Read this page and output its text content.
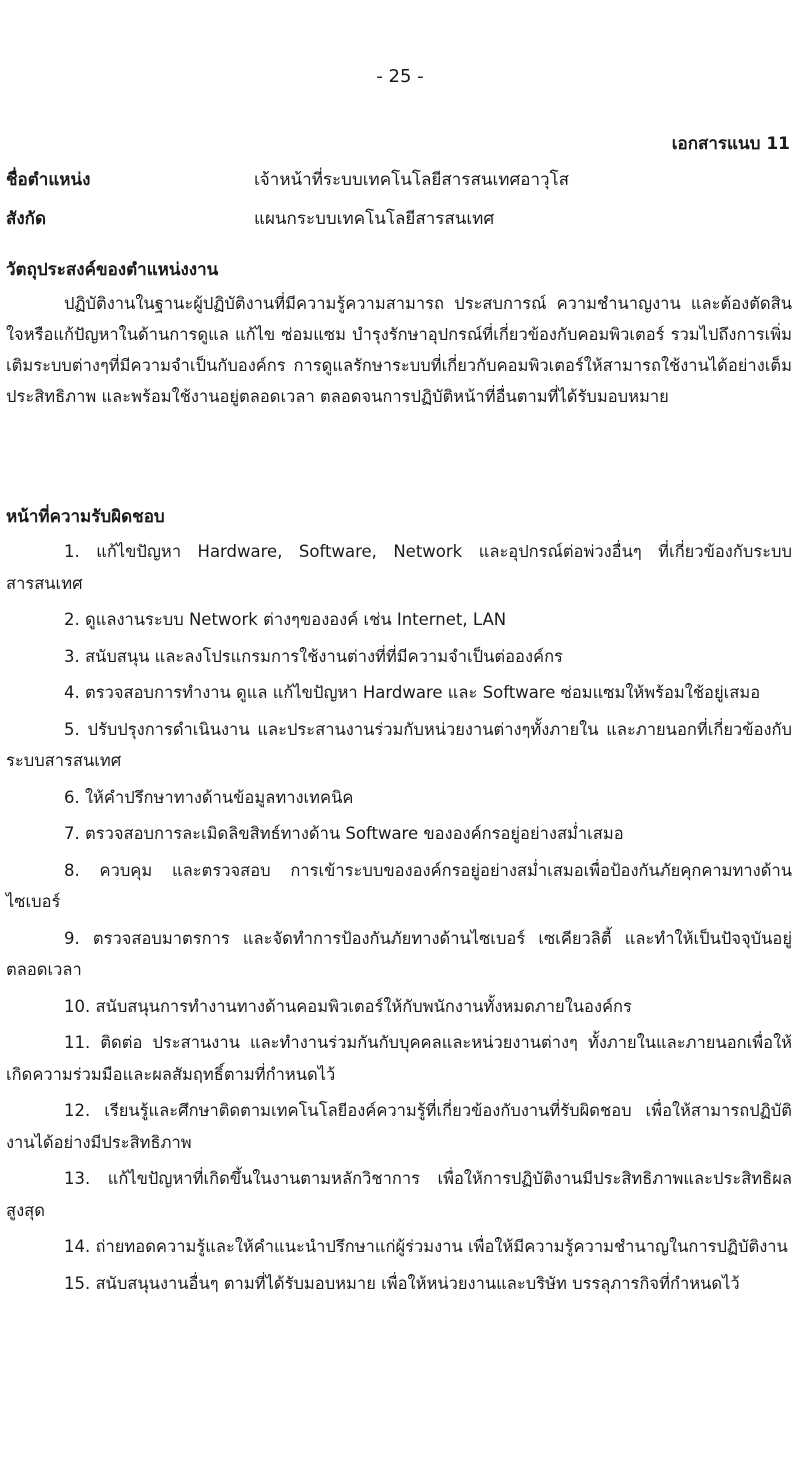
- 25 -
เอกสารแนบ 11
ชื่อตำแหน่ง	เจ้าหน้าที่ระบบเทคโนโลยีสารสนเทศอาวุโส
สังกัด	แผนกระบบเทคโนโลยีสารสนเทศ
วัตถุประสงค์ของตำแหน่งงาน
ปฏิบัติงานในฐานะผู้ปฏิบัติงานที่มีความรู้ความสามารถ ประสบการณ์ ความชำนาญงาน และต้องตัดสินใจหรือแก้ปัญหาในด้านการดูแล แก้ไข ซ่อมแซม บำรุงรักษาอุปกรณ์ที่เกี่ยวข้องกับคอมพิวเตอร์ รวมไปถึงการเพิ่มเติมระบบต่างๆที่มีความจำเป็นกับองค์กร การดูแลรักษาระบบที่เกี่ยวกับคอมพิวเตอร์ให้สามารถใช้งานได้อย่างเต็มประสิทธิภาพ และพร้อมใช้งานอยู่ตลอดเวลา ตลอดจนการปฏิบัติหน้าที่อื่นตามที่ได้รับมอบหมาย
หน้าที่ความรับผิดชอบ
1. แก้ไขปัญหา Hardware, Software, Network และอุปกรณ์ต่อพ่วงอื่นๆ ที่เกี่ยวข้องกับระบบสารสนเทศ
2. ดูแลงานระบบ Network ต่างๆขององค์ เช่น Internet, LAN
3. สนับสนุน และลงโปรแกรมการใช้งานต่างที่ที่มีความจำเป็นต่อองค์กร
4. ตรวจสอบการทำงาน ดูแล แก้ไขปัญหา Hardware และ Software ซ่อมแซมให้พร้อมใช้อยู่เสมอ
5. ปรับปรุงการดำเนินงาน และประสานงานร่วมกับหน่วยงานต่างๆทั้งภายใน และภายนอกที่เกี่ยวข้องกับระบบสารสนเทศ
6. ให้คำปรึกษาทางด้านข้อมูลทางเทคนิค
7. ตรวจสอบการละเมิดลิขสิทธ์ทางด้าน Software ขององค์กรอยู่อย่างสม่ำเสมอ
8. ควบคุม และตรวจสอบ การเข้าระบบขององค์กรอยู่อย่างสม่ำเสมอเพื่อป้องกันภัยคุกคามทางด้านไซเบอร์
9. ตรวจสอบมาตรการ และจัดทำการป้องกันภัยทางด้านไซเบอร์ เซเคียวลิตี้ และทำให้เป็นปัจจุบันอยู่ตลอดเวลา
10. สนับสนุนการทำงานทางด้านคอมพิวเตอร์ให้กับพนักงานทั้งหมดภายในองค์กร
11. ติดต่อ ประสานงาน และทำงานร่วมกันกับบุคคลและหน่วยงานต่างๆ ทั้งภายในและภายนอกเพื่อให้เกิดความร่วมมือและผลสัมฤทธิ์ตามที่กำหนดไว้
12. เรียนรู้และศึกษาติดตามเทคโนโลยีองค์ความรู้ที่เกี่ยวข้องกับงานที่รับผิดชอบ เพื่อให้สามารถปฏิบัติงานได้อย่างมีประสิทธิภาพ
13. แก้ไขปัญหาที่เกิดขึ้นในงานตามหลักวิชาการ เพื่อให้การปฏิบัติงานมีประสิทธิภาพและประสิทธิผลสูงสุด
14. ถ่ายทอดความรู้และให้คำแนะนำปรึกษาแก่ผู้ร่วมงาน เพื่อให้มีความรู้ความชำนาญในการปฏิบัติงาน
15. สนับสนุนงานอื่นๆ ตามที่ได้รับมอบหมาย เพื่อให้หน่วยงานและบริษัท บรรลุภารกิจที่กำหนดไว้
